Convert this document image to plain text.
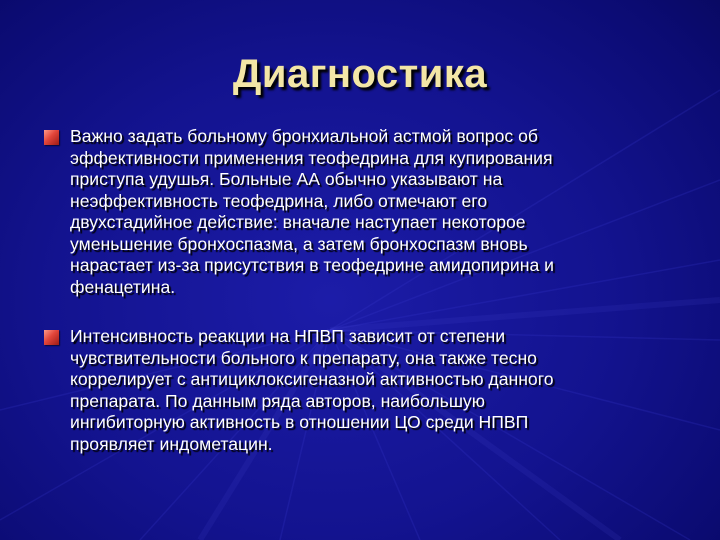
Диагностика
Важно задать больному бронхиальной астмой вопрос об
эффективности применения теофедрина для купирования
приступа удушья. Больные АА обычно указывают на
неэффективность теофедрина, либо отмечают его
двухстадийное действие: вначале наступает некоторое
уменьшение бронхоспазма, а затем бронхоспазм вновь
нарастает из-за присутствия в теофедрине амидопирина и
фенацетина.
Интенсивность реакции на НПВП зависит от степени
чувствительности больного к препарату, она также тесно
коррелирует с антициклоксигеназной активностью данного
препарата. По данным ряда авторов, наибольшую
ингибиторную активность в отношении ЦО среди НПВП
проявляет индометацин.
